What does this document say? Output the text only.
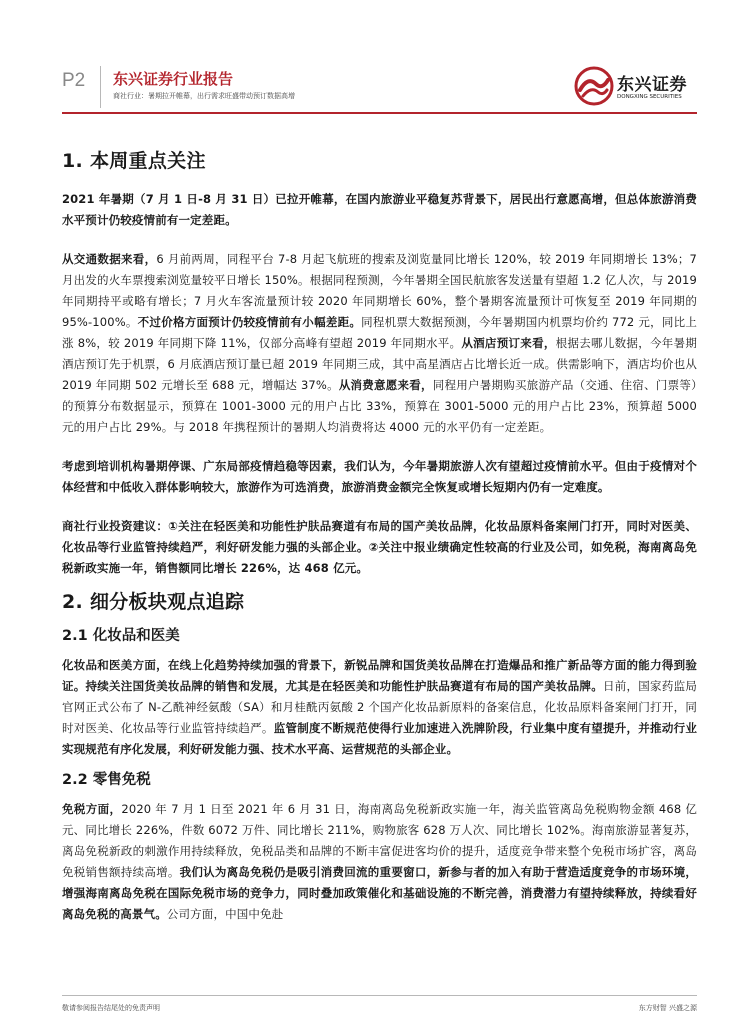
P2 东兴证券行业报告
商社行业：暑期拉开帷幕，出行需求旺盛带动预订数据高增
东兴证券
DONGXING SECURITIES
1. 本周重点关注

2021 年暑期（7 月 1 日-8 月 31 日）已拉开帷幕，在国内旅游业平稳复苏背景下，居民出行意愿高增，但总体旅游消费水平预计仍较疫情前有一定差距。

从交通数据来看，6 月前两周，同程平台 7-8 月起飞航班的搜索及浏览量同比增长 120%，较 2019 年同期增长 13%；7 月出发的火车票搜索浏览量较平日增长 150%。根据同程预测，今年暑期全国民航旅客发送量有望超 1.2 亿人次，与 2019 年同期持平或略有增长；7 月火车客流量预计较 2020 年同期增长 60%，整个暑期客流量预计可恢复至 2019 年同期的 95%-100%。不过价格方面预计仍较疫情前有小幅差距。同程机票大数据预测，今年暑期国内机票均价约 772 元，同比上涨 8%，较 2019 年同期下降 11%，仅部分高峰有望超 2019 年同期水平。从酒店预订来看，根据去哪儿数据，今年暑期酒店预订先于机票，6 月底酒店预订量已超 2019 年同期三成，其中高星酒店占比增长近一成。供需影响下，酒店均价也从 2019 年同期 502 元增长至 688 元，增幅达 37%。从消费意愿来看，同程用户暑期购买旅游产品（交通、住宿、门票等）的预算分布数据显示，预算在 1001-3000 元的用户占比 33%，预算在 3001-5000 元的用户占比 23%，预算超 5000 元的用户占比 29%。与 2018 年携程预计的暑期人均消费将达 4000 元的水平仍有一定差距。

考虑到培训机构暑期停课、广东局部疫情趋稳等因素，我们认为，今年暑期旅游人次有望超过疫情前水平。但由于疫情对个体经营和中低收入群体影响较大，旅游作为可选消费，旅游消费金额完全恢复或增长短期内仍有一定难度。

商社行业投资建议：①关注在轻医美和功能性护肤品赛道有布局的国产美妆品牌，化妆品原料备案闸门打开，同时对医美、化妆品等行业监管持续趋严，利好研发能力强的头部企业。②关注中报业绩确定性较高的行业及公司，如免税，海南离岛免税新政实施一年，销售额同比增长 226%，达 468 亿元。

2. 细分板块观点追踪
2.1 化妆品和医美

化妆品和医美方面，在线上化趋势持续加强的背景下，新锐品牌和国货美妆品牌在打造爆品和推广新品等方面的能力得到验证。持续关注国货美妆品牌的销售和发展，尤其是在轻医美和功能性护肤品赛道有布局的国产美妆品牌。日前，国家药监局官网正式公布了 N-乙酰神经氨酸（SA）和月桂酰丙氨酸 2 个国产化妆品新原料的备案信息，化妆品原料备案闸门打开，同时对医美、化妆品等行业监管持续趋严。监管制度不断规范使得行业加速进入洗牌阶段，行业集中度有望提升，并推动行业实现规范有序化发展，利好研发能力强、技术水平高、运营规范的头部企业。

2.2 零售免税

免税方面，2020 年 7 月 1 日至 2021 年 6 月 31 日，海南离岛免税新政实施一年，海关监管离岛免税购物金额 468 亿元、同比增长 226%，件数 6072 万件、同比增长 211%，购物旅客 628 万人次、同比增长 102%。海南旅游显著复苏，离岛免税新政的刺激作用持续释放，免税品类和品牌的不断丰富促进客均价的提升，适度竞争带来整个免税市场扩容，离岛免税销售额持续高增。我们认为离岛免税仍是吸引消费回流的重要窗口，新参与者的加入有助于营造适度竞争的市场环境，增强海南离岛免税在国际免税市场的竞争力，同时叠加政策催化和基础设施的不断完善，消费潜力有望持续释放，持续看好离岛免税的高景气。公司方面，中国中免赴

敬请参阅报告结尾处的免责声明	东方财智 兴盛之源
